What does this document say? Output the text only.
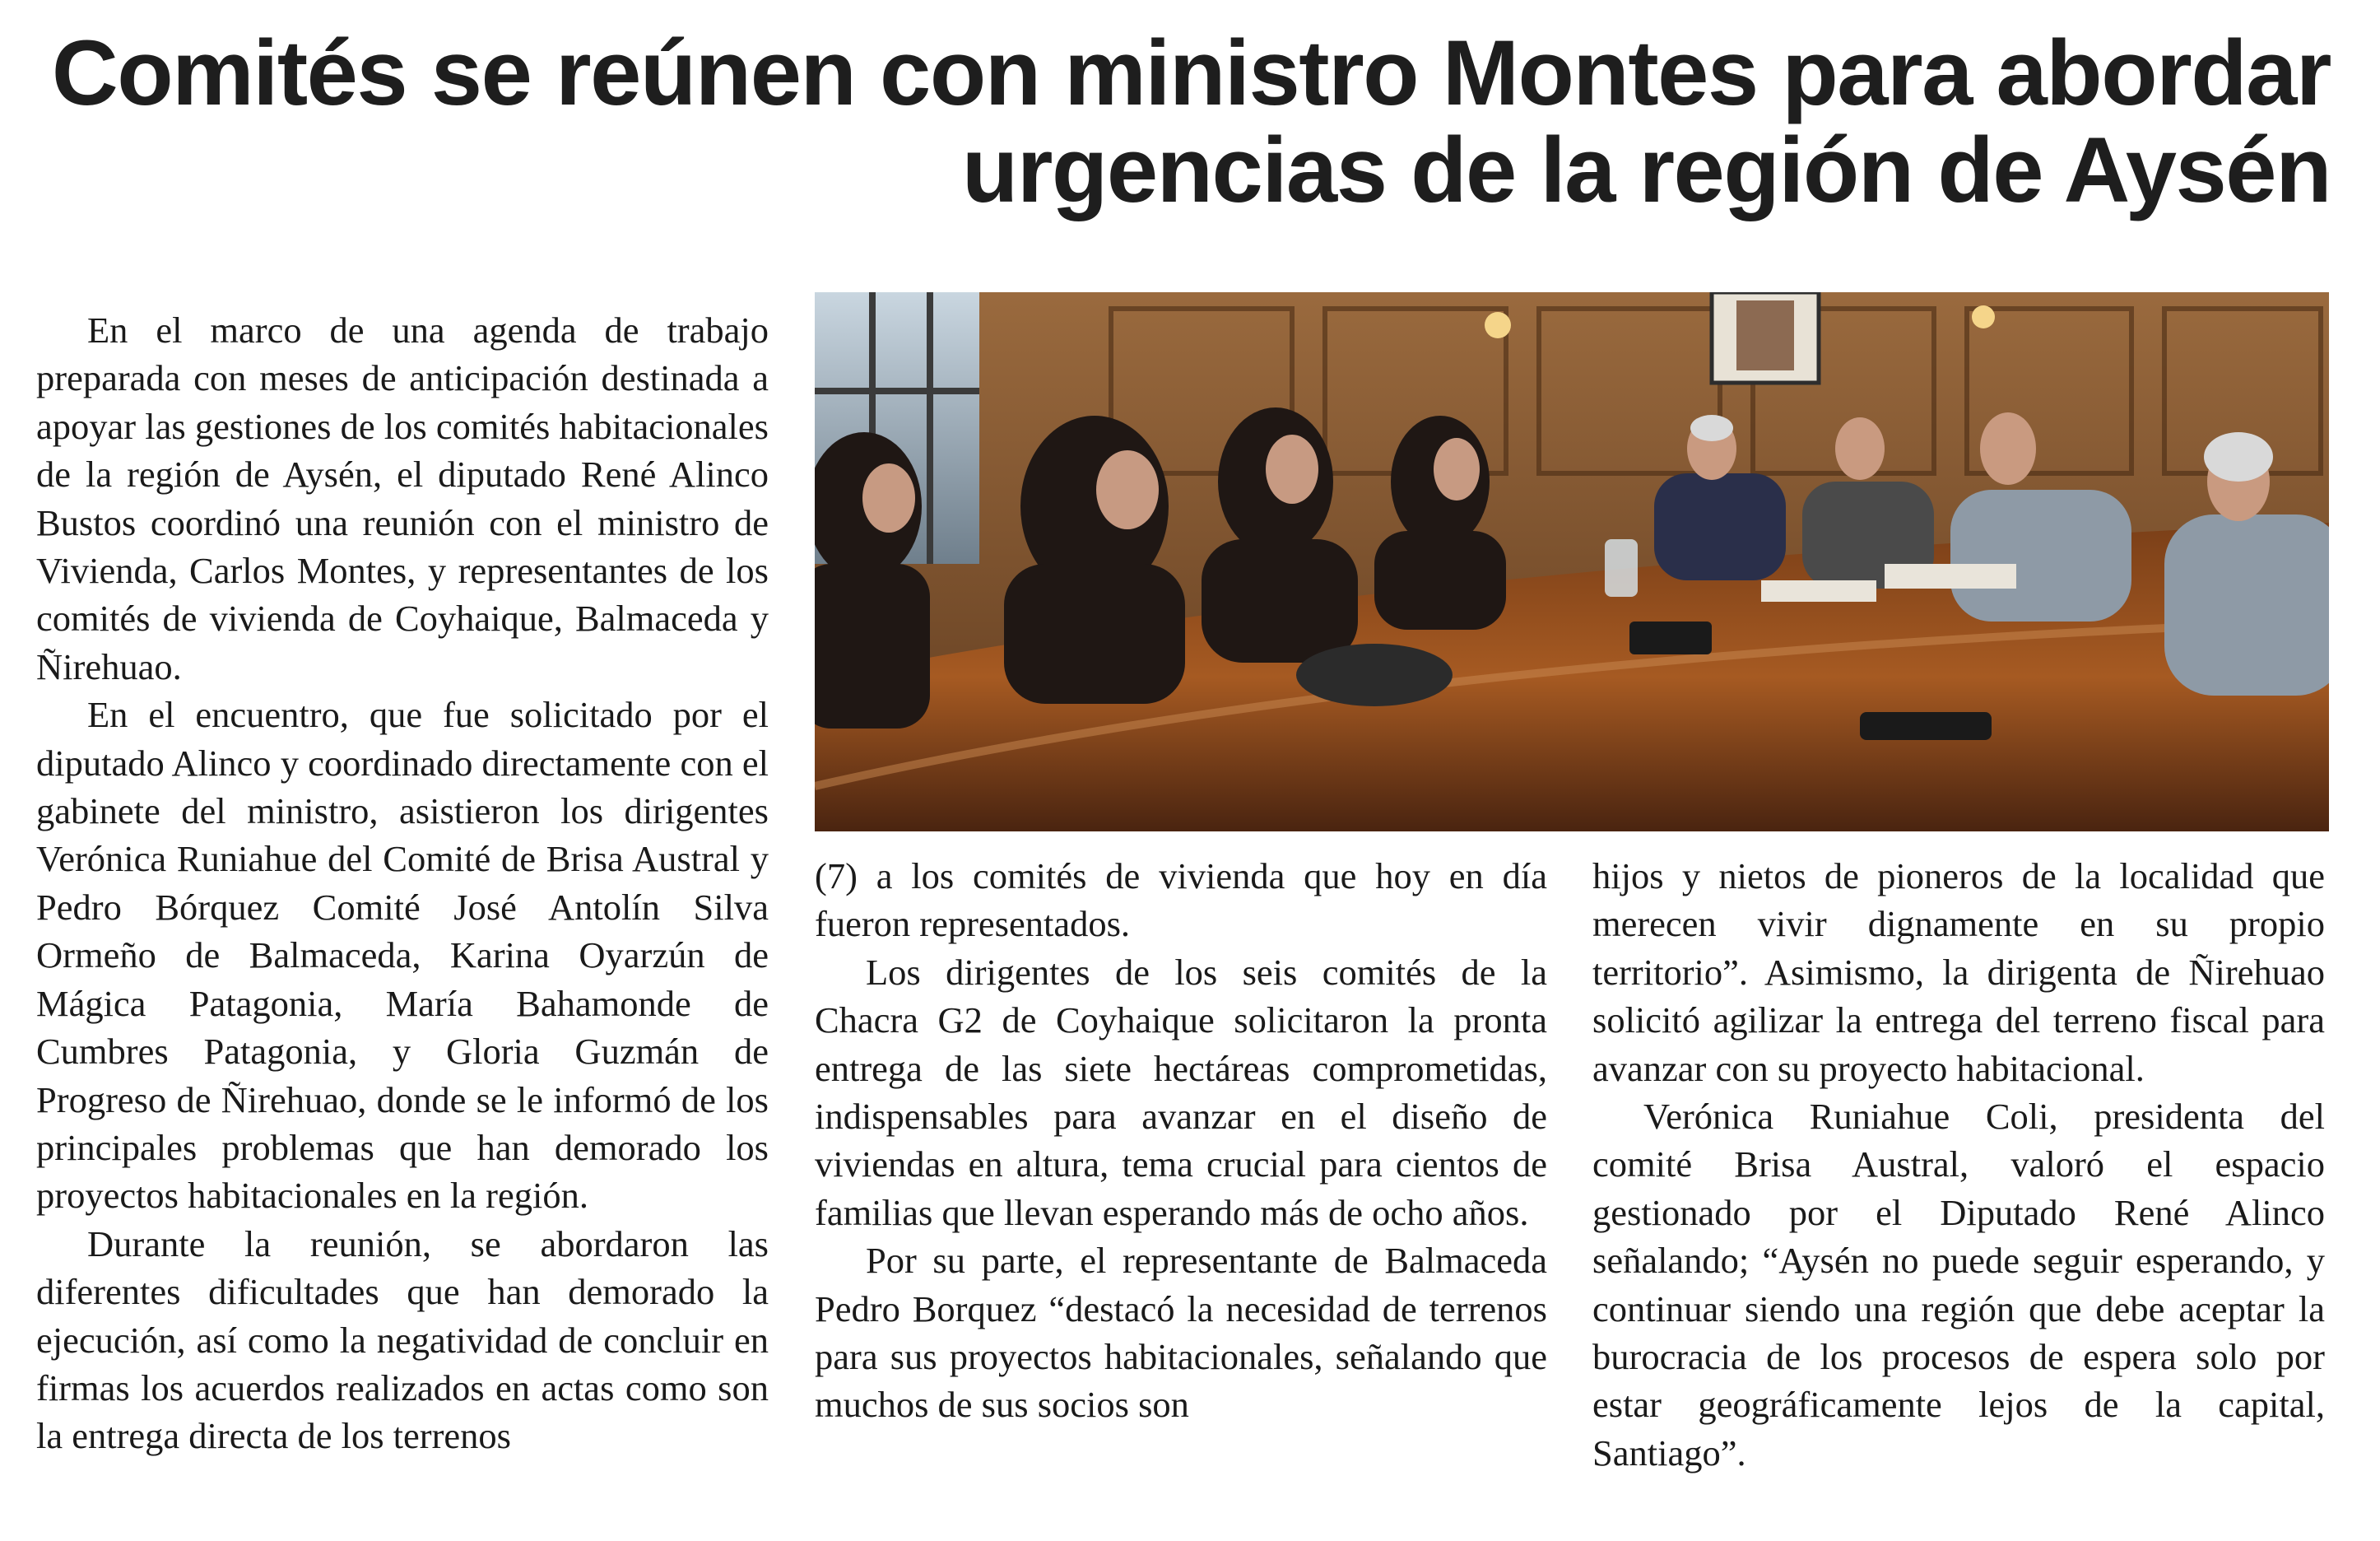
Comités se reúnen con ministro Montes para abordar
urgencias de la región de Aysén

En el marco de una agenda de trabajo preparada con meses de anticipación destinada a apoyar las gestiones de los comités habitacionales de la región de Aysén, el diputado René Alinco Bustos coordinó una reunión con el ministro de Vivienda, Carlos Montes, y representantes de los comités de vivienda de Coyhaique, Balmaceda y Ñirehuao.

En el encuentro, que fue solicitado por el diputado Alinco y coordinado directamente con el gabinete del ministro, asistieron los dirigentes Verónica Runiahue del Comité de Brisa Austral y Pedro Bórquez Comité José Antolín Silva Ormeño de Balmaceda, Karina Oyarzún de Mágica Patagonia, María Bahamonde de Cumbres Patagonia, y Gloria Guzmán de Progreso de Ñirehuao, donde se le informó de los principales problemas que han demorado los proyectos habitacionales en la región.

Durante la reunión, se abordaron las diferentes dificultades que han demorado la ejecución, así como la negatividad de concluir en firmas los acuerdos realizados en actas como son la entrega directa de los terrenos

(7) a los comités de vivienda que hoy en día fueron representados.

Los dirigentes de los seis comités de la Chacra G2 de Coyhaique solicitaron la pronta entrega de las siete hectáreas comprometidas, indispensables para avanzar en el diseño de viviendas en altura, tema crucial para cientos de familias que llevan esperando más de ocho años.

Por su parte, el representante de Balmaceda Pedro Borquez “destacó la necesidad de terrenos para sus proyectos habitacionales, señalando que muchos de sus socios son

hijos y nietos de pioneros de la localidad que merecen vivir dignamente en su propio territorio”. Asimismo, la dirigenta de Ñirehuao solicitó agilizar la entrega del terreno fiscal para avanzar con su proyecto habitacional.

Verónica Runiahue Coli, presidenta del comité Brisa Austral, valoró el espacio gestionado por el Diputado René Alinco señalando; “Aysén no puede seguir esperando, y continuar siendo una región que debe aceptar la burocracia de los procesos de espera solo por estar geográficamente lejos de la capital, Santiago”.
